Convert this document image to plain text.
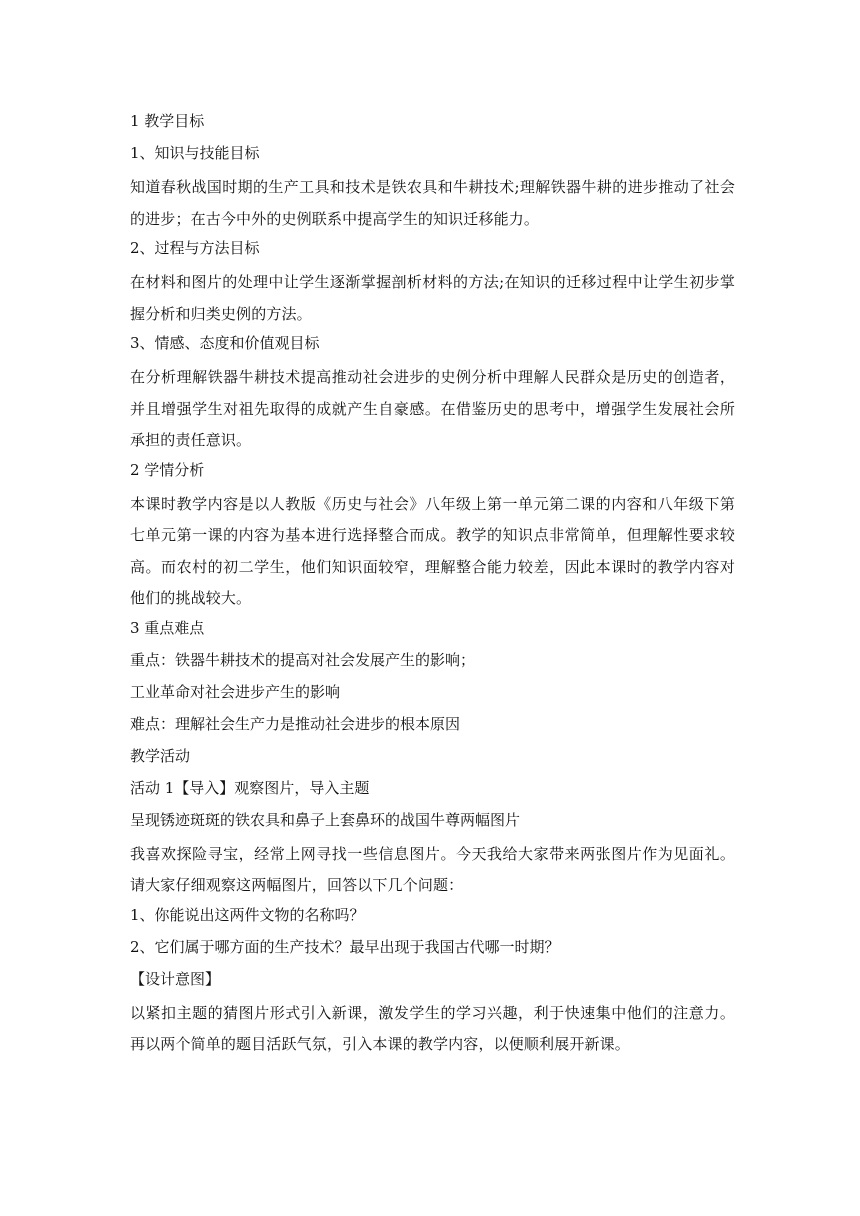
1 教学目标

1、知识与技能目标

知道春秋战国时期的生产工具和技术是铁农具和牛耕技术;理解铁器牛耕的进步推动了社会的进步；在古今中外的史例联系中提高学生的知识迁移能力。

2、过程与方法目标

在材料和图片的处理中让学生逐渐掌握剖析材料的方法;在知识的迁移过程中让学生初步掌握分析和归类史例的方法。

3、情感、态度和价值观目标

在分析理解铁器牛耕技术提高推动社会进步的史例分析中理解人民群众是历史的创造者，并且增强学生对祖先取得的成就产生自豪感。在借鉴历史的思考中，增强学生发展社会所承担的责任意识。

2 学情分析

本课时教学内容是以人教版《历史与社会》八年级上第一单元第二课的内容和八年级下第七单元第一课的内容为基本进行选择整合而成。教学的知识点非常简单，但理解性要求较高。而农村的初二学生，他们知识面较窄，理解整合能力较差，因此本课时的教学内容对他们的挑战较大。

3 重点难点

重点：铁器牛耕技术的提高对社会发展产生的影响；

工业革命对社会进步产生的影响

难点：理解社会生产力是推动社会进步的根本原因

教学活动

活动 1【导入】观察图片，导入主题

呈现锈迹斑斑的铁农具和鼻子上套鼻环的战国牛尊两幅图片

我喜欢探险寻宝，经常上网寻找一些信息图片。今天我给大家带来两张图片作为见面礼。请大家仔细观察这两幅图片，回答以下几个问题：

1、你能说出这两件文物的名称吗？

2、它们属于哪方面的生产技术？最早出现于我国古代哪一时期？

【设计意图】

以紧扣主题的猜图片形式引入新课，激发学生的学习兴趣，利于快速集中他们的注意力。再以两个简单的题目活跃气氛，引入本课的教学内容，以便顺利展开新课。
